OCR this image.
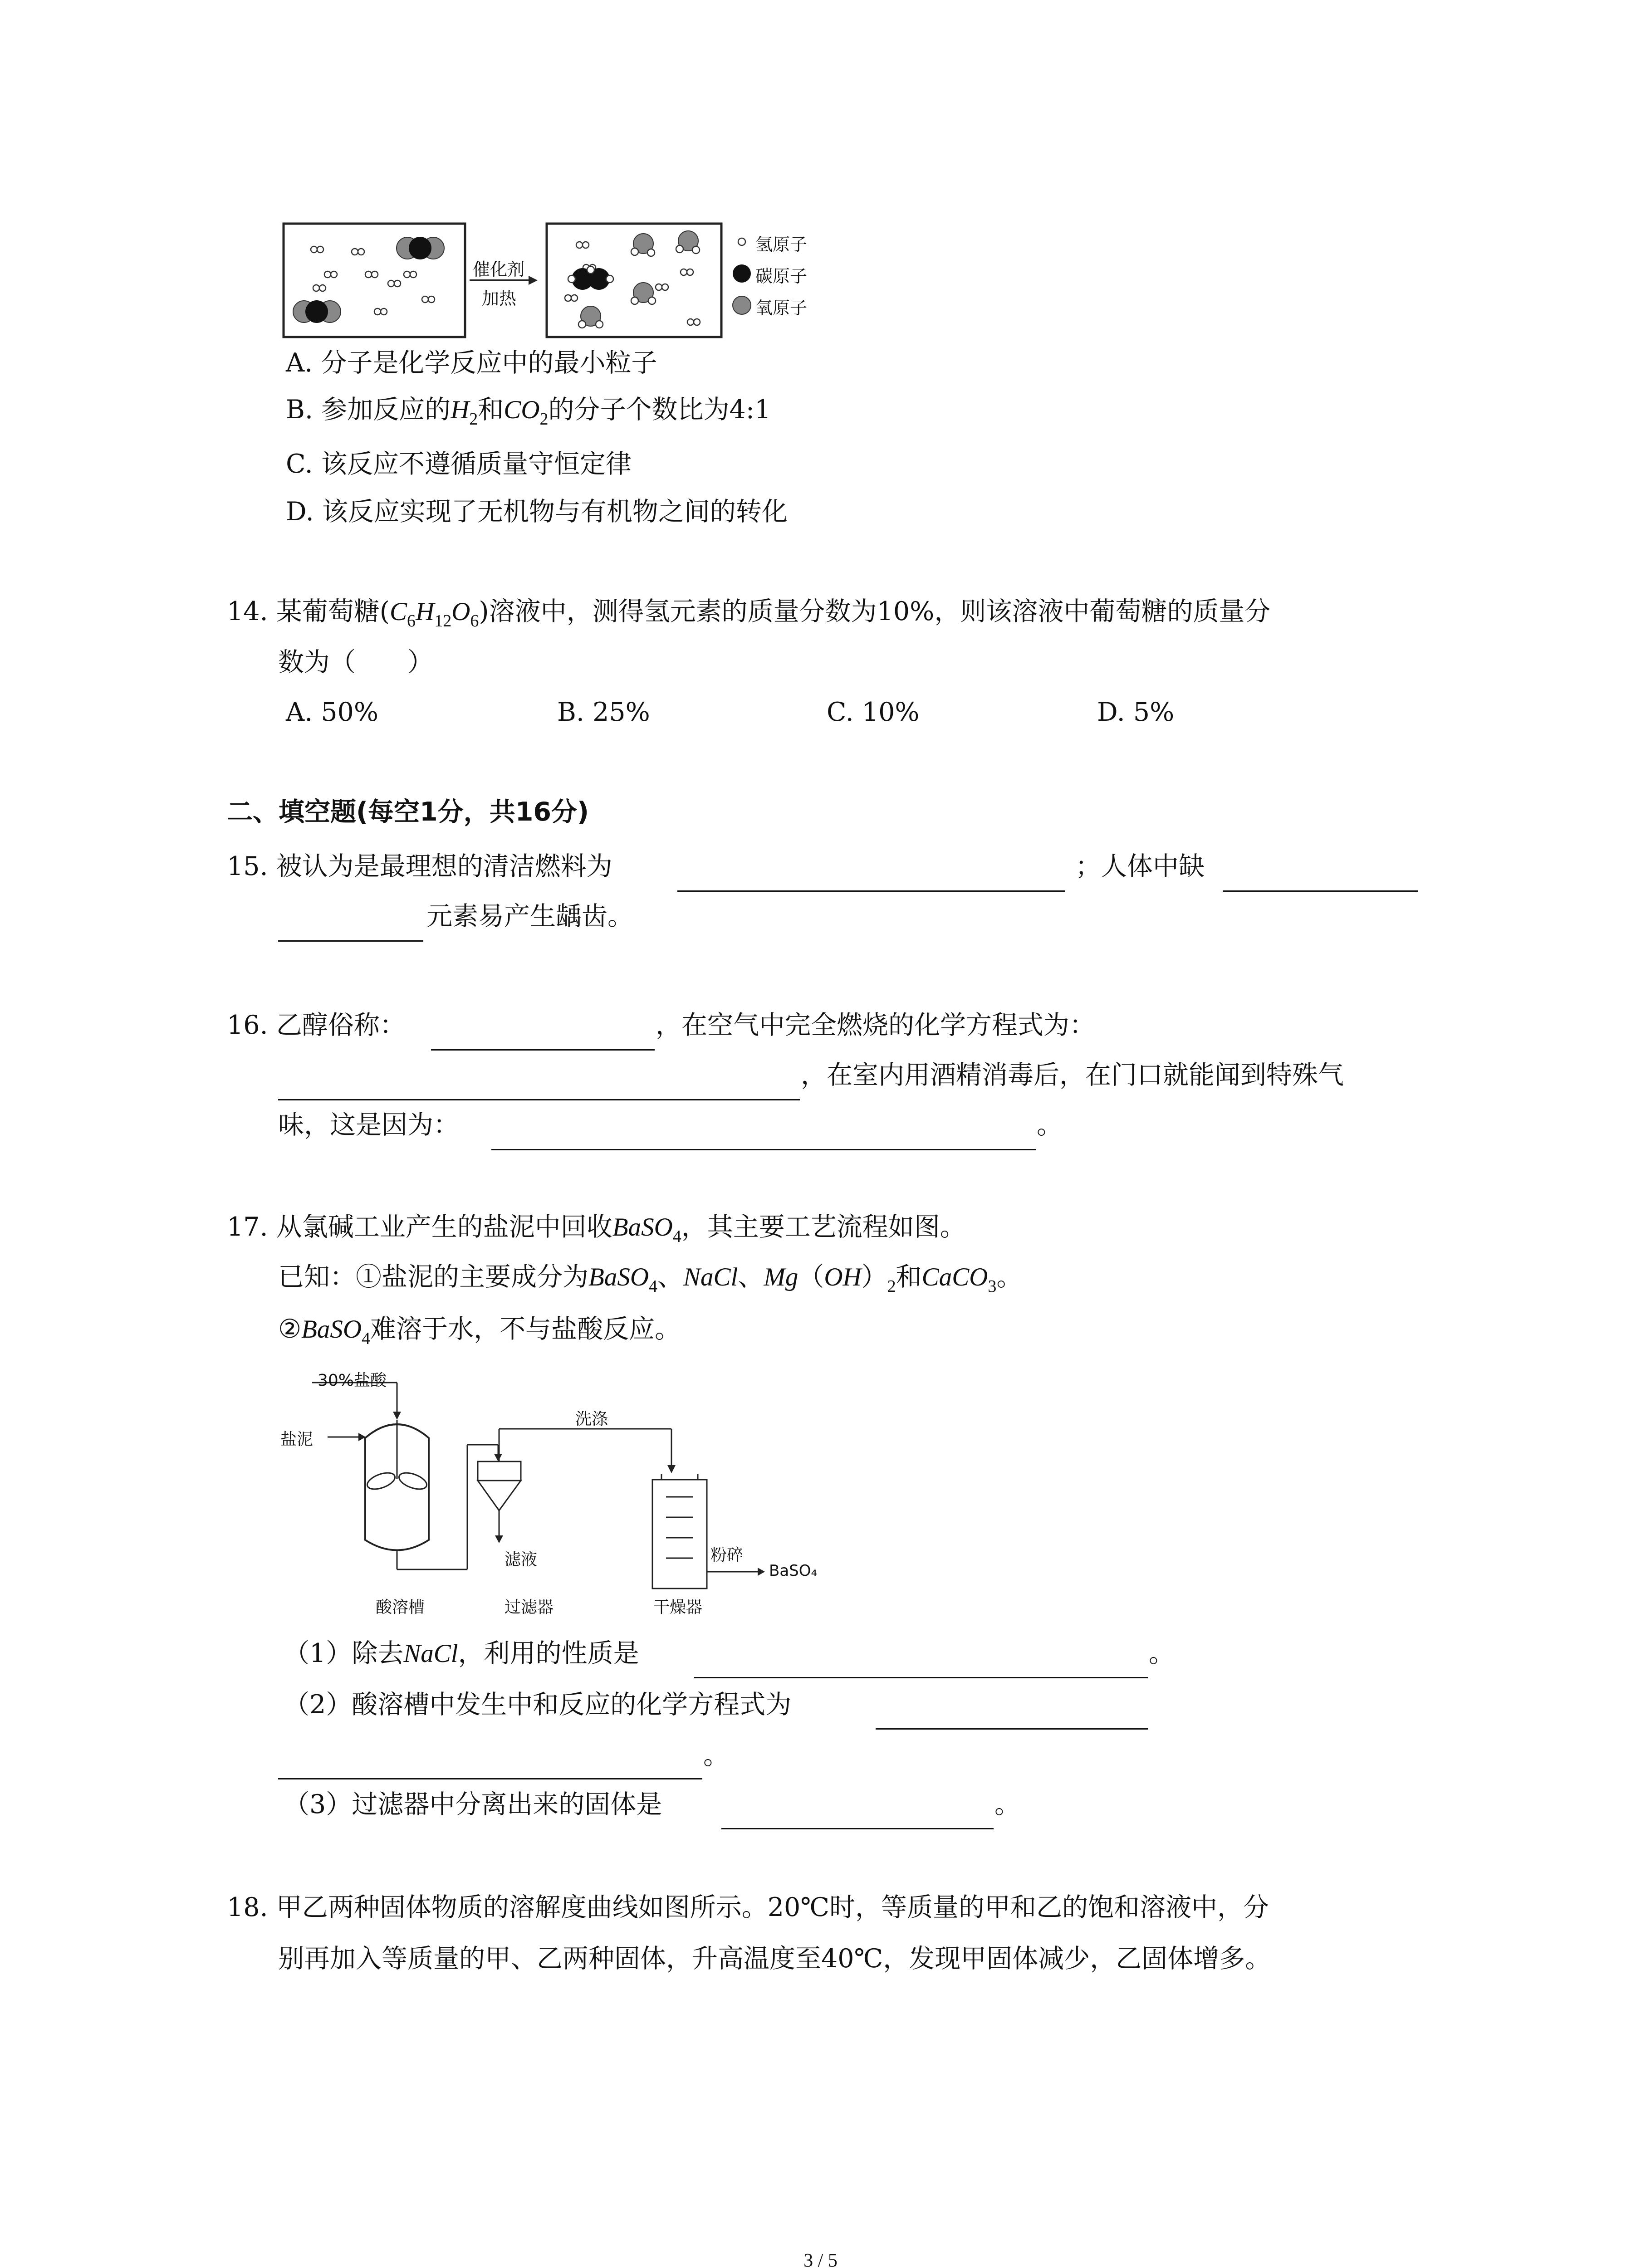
催化剂
加热
氢原子
碳原子
氧原子
A. 分子是化学反应中的最小粒子
B. 参加反应的$H_2$和$CO_2$的分子个数比为4:1
C. 该反应不遵循质量守恒定律
D. 该反应实现了无机物与有机物之间的转化
14. 某葡萄糖$(C_6H_{12}O_6)$溶液中，测得氢元素的质量分数为10%，则该溶液中葡萄糖的质量分
数为（　　）
A. 50%	B. 25%	C. 10%	D. 5%
二、填空题(每空1分，共16分)
15. 被认为是最理想的清洁燃料为	；人体中缺
元素易产生龋齿。
16. 乙醇俗称：	，在空气中完全燃烧的化学方程式为：
，在室内用酒精消毒后，在门口就能闻到特殊气
味，这是因为：	。
17. 从氯碱工业产生的盐泥中回收BaSO$_4$，其主要工艺流程如图。
已知：①盐泥的主要成分为BaSO$_4$、NaCl、$Mg(OH)_2$和CaCO$_3$。
②BaSO$_4$难溶于水，不与盐酸反应。
30%盐酸
盐泥
洗涤
滤液	粉碎
BaSO₄
酸溶槽	过滤器	干燥器
（1）除去NaCl，利用的性质是	。
（2）酸溶槽中发生中和反应的化学方程式为
。
（3）过滤器中分离出来的固体是	。
18. 甲乙两种固体物质的溶解度曲线如图所示。20℃时，等质量的甲和乙的饱和溶液中，分
别再加入等质量的甲、乙两种固体，升高温度至40℃，发现甲固体减少，乙固体增多。
3 / 5
